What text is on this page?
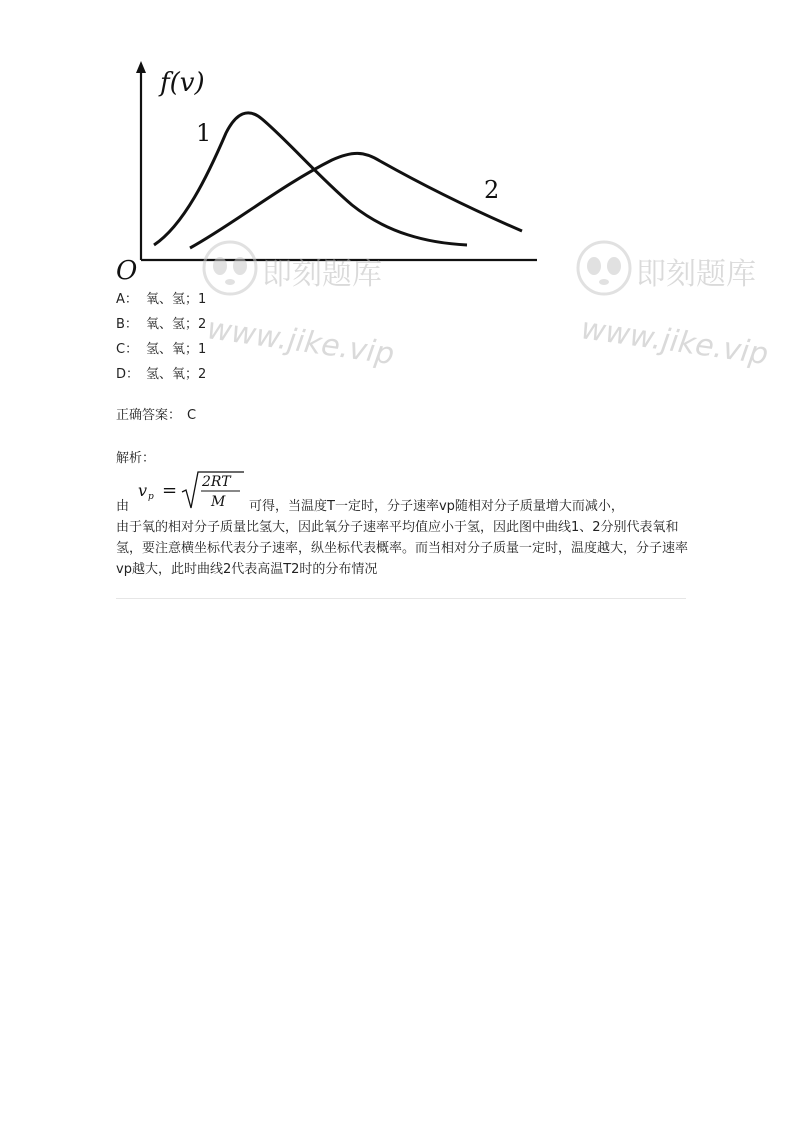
f(v)
O
1
2
即刻题库
www.jike.vip
即刻题库
www.jike.vip
A： 氧、氢；1
B： 氧、氢；2
C： 氢、氧；1
D： 氢、氧；2
正确答案： C
解析：
由
v p = 2RT
M 可得，当温度T一定时，分子速率vp随相对分子质量增大而减小，
由于氧的相对分子质量比氢大，因此氧分子速率平均值应小于氢，因此图中曲线1、2分别代表氧和氢，要注意横坐标代表分子速率，纵坐标代表概率。而当相对分子质量一定时，温度越大，分子速率vp越大，此时曲线2代表高温T2时的分布情况
